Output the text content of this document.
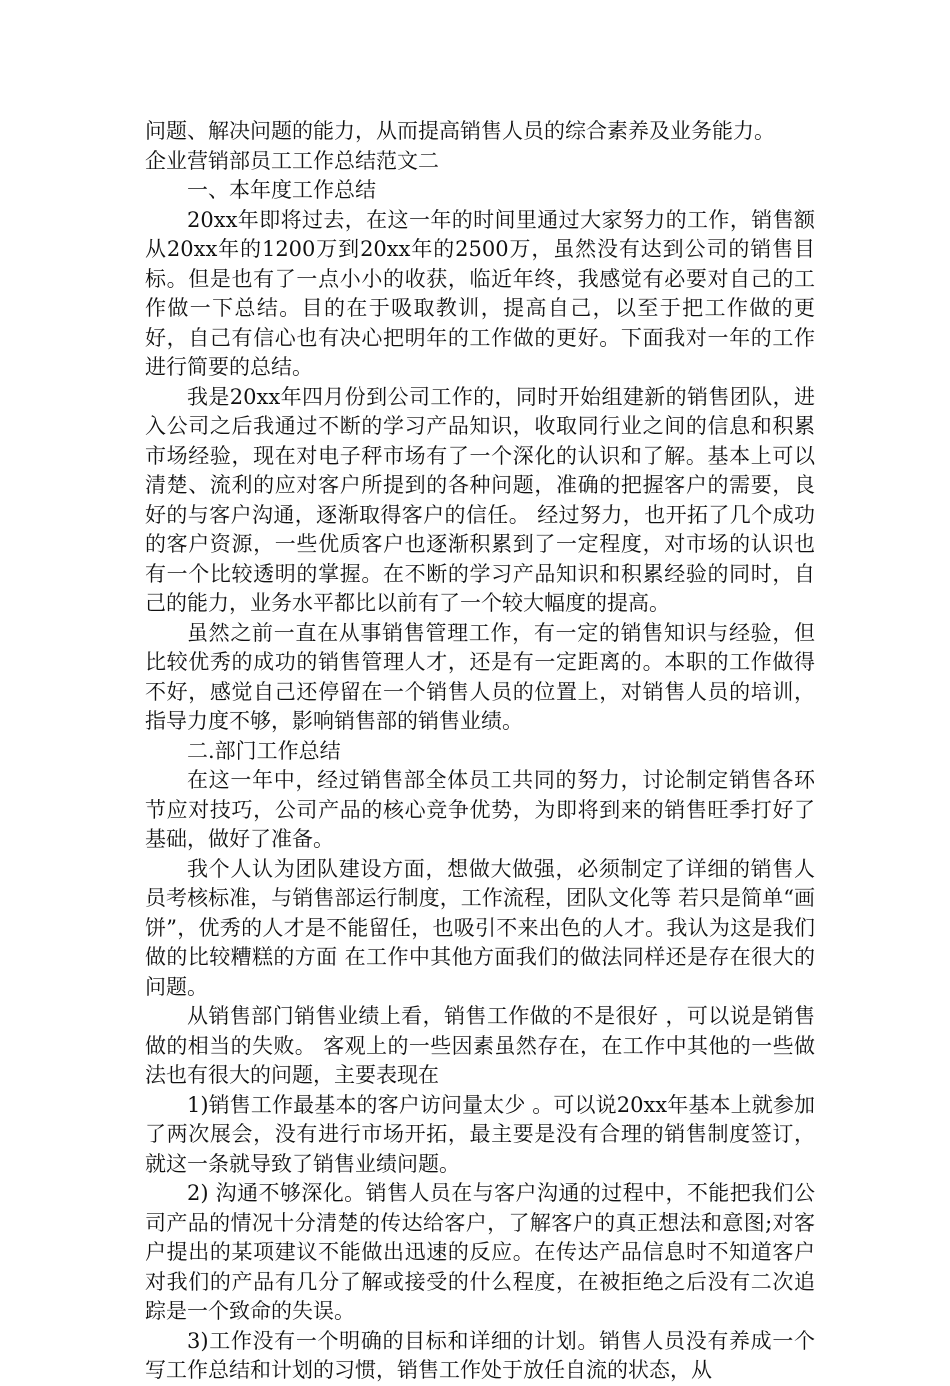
问题、解决问题的能力，从而提高销售人员的综合素养及业务能力。

企业营销部员工工作总结范文二

一、本年度工作总结

20xx年即将过去，在这一年的时间里通过大家努力的工作，销售额从20xx年的1200万到20xx年的2500万，虽然没有达到公司的销售目标。但是也有了一点小小的收获，临近年终，我感觉有必要对自己的工作做一下总结。目的在于吸取教训，提高自己，以至于把工作做的更好，自己有信心也有决心把明年的工作做的更好。下面我对一年的工作进行简要的总结。

我是20xx年四月份到公司工作的，同时开始组建新的销售团队，进入公司之后我通过不断的学习产品知识，收取同行业之间的信息和积累市场经验，现在对电子秤市场有了一个深化的认识和了解。基本上可以清楚、流利的应对客户所提到的各种问题，准确的把握客户的需要，良好的与客户沟通，逐渐取得客户的信任。 经过努力，也开拓了几个成功的客户资源，一些优质客户也逐渐积累到了一定程度，对市场的认识也有一个比较透明的掌握。在不断的学习产品知识和积累经验的同时，自己的能力，业务水平都比以前有了一个较大幅度的提高。

虽然之前一直在从事销售管理工作，有一定的销售知识与经验，但比较优秀的成功的销售管理人才，还是有一定距离的。本职的工作做得不好，感觉自己还停留在一个销售人员的位置上，对销售人员的培训，指导力度不够，影响销售部的销售业绩。

二.部门工作总结

在这一年中，经过销售部全体员工共同的努力，讨论制定销售各环节应对技巧，公司产品的核心竞争优势，为即将到来的销售旺季打好了基础，做好了准备。

我个人认为团队建设方面，想做大做强，必须制定了详细的销售人员考核标准，与销售部运行制度，工作流程，团队文化等 若只是简单“画饼”，优秀的人才是不能留任，也吸引不来出色的人才。我认为这是我们做的比较糟糕的方面 在工作中其他方面我们的做法同样还是存在很大的问题。

从销售部门销售业绩上看，销售工作做的不是很好 ，可以说是销售做的相当的失败。 客观上的一些因素虽然存在，在工作中其他的一些做法也有很大的问题，主要表现在

1)销售工作最基本的客户访问量太少 。可以说20xx年基本上就参加了两次展会，没有进行市场开拓，最主要是没有合理的销售制度签订， 就这一条就导致了销售业绩问题。

2) 沟通不够深化。销售人员在与客户沟通的过程中，不能把我们公司产品的情况十分清楚的传达给客户，了解客户的真正想法和意图;对客户提出的某项建议不能做出迅速的反应。在传达产品信息时不知道客户对我们的产品有几分了解或接受的什么程度，在被拒绝之后没有二次追踪是一个致命的失误。

3)工作没有一个明确的目标和详细的计划。销售人员没有养成一个写工作总结和计划的习惯，销售工作处于放任自流的状态，从
